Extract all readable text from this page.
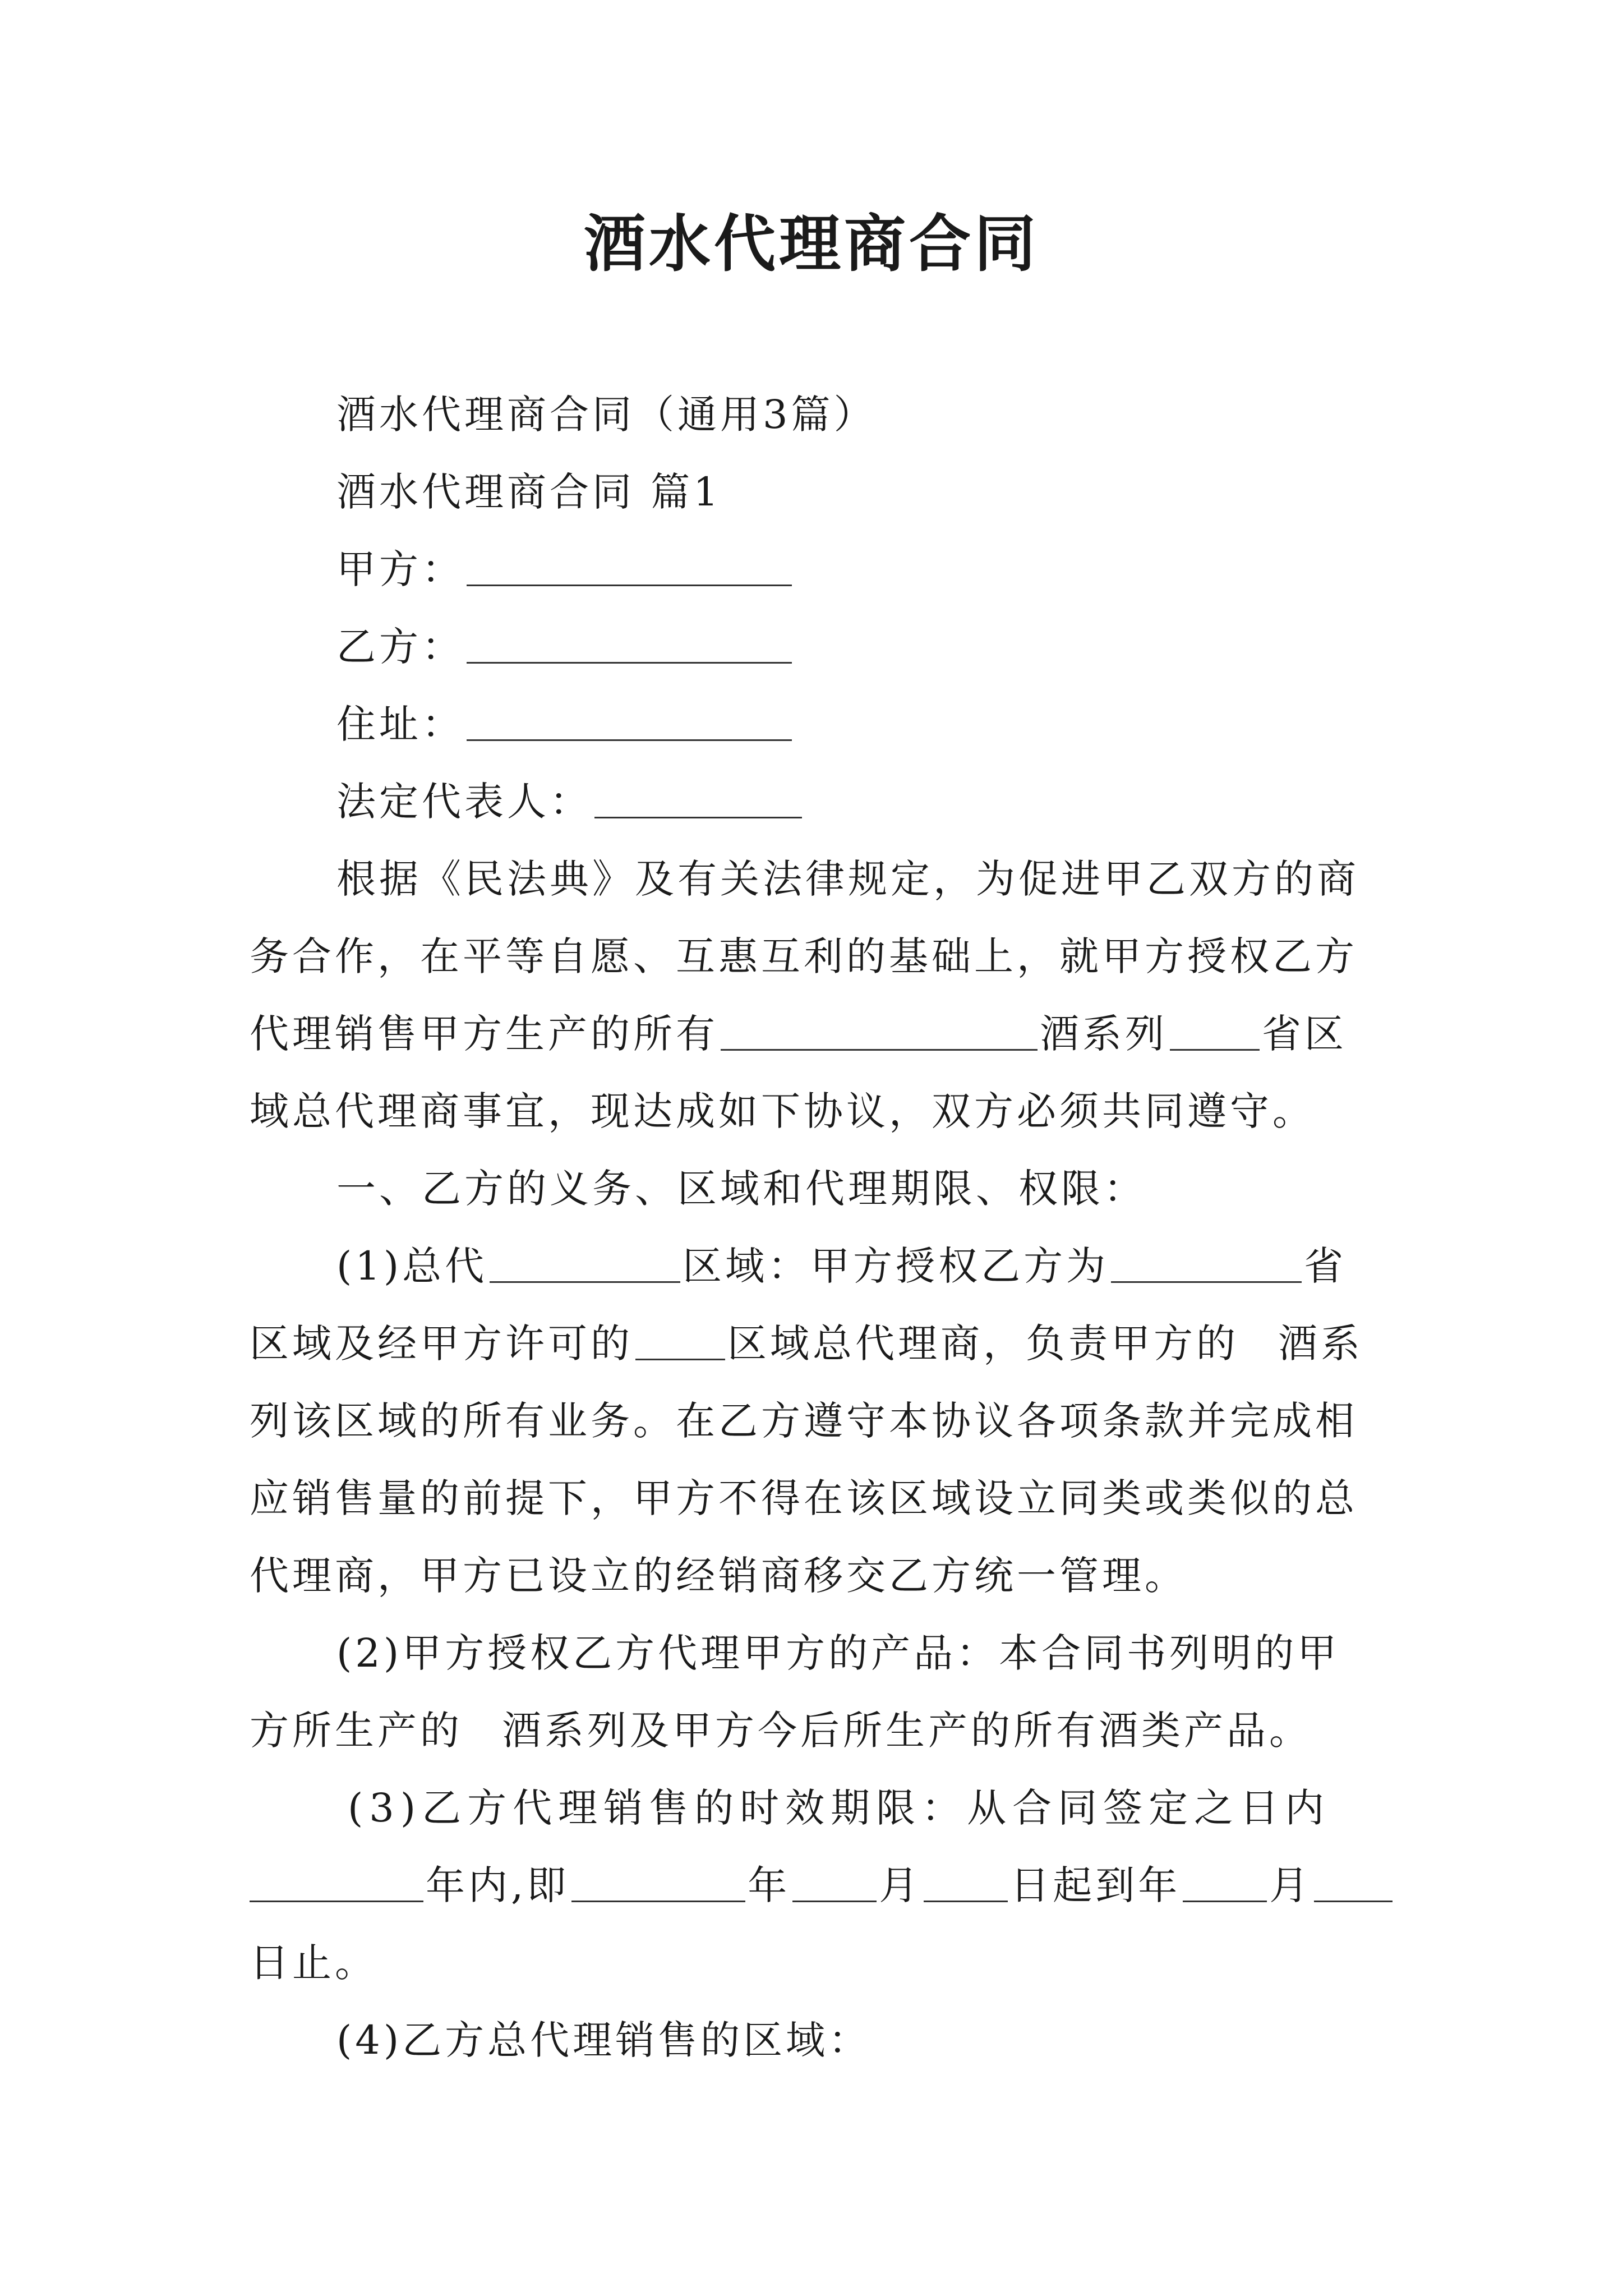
酒水代理商合同
酒水代理商合同（通用3篇）
酒水代理商合同 篇1
甲方：
乙方：
住址：
法定代表人：
根据《民法典》及有关法律规定，为促进甲乙双方的商
务合作，在平等自愿、互惠互利的基础上，就甲方授权乙方
代理销售甲方生产的所有	酒系列 省区
域总代理商事宜，现达成如下协议，双方必须共同遵守。
一、乙方的义务、区域和代理期限、权限：
(1)总代	区域：甲方授权乙方为	省
区域及经甲方许可的 区域总代理商，负责甲方的 酒系
列该区域的所有业务。在乙方遵守本协议各项条款并完成相
应销售量的前提下，甲方不得在该区域设立同类或类似的总
代理商，甲方已设立的经销商移交乙方统一管理。
(2)甲方授权乙方代理甲方的产品：本合同书列明的甲
方所生产的 酒系列及甲方今后所生产的所有酒类产品。
(3)乙方代理销售的时效期限：从合同签定之日内
年内,即	年 月 日起到年 月
日止。
(4)乙方总代理销售的区域：
